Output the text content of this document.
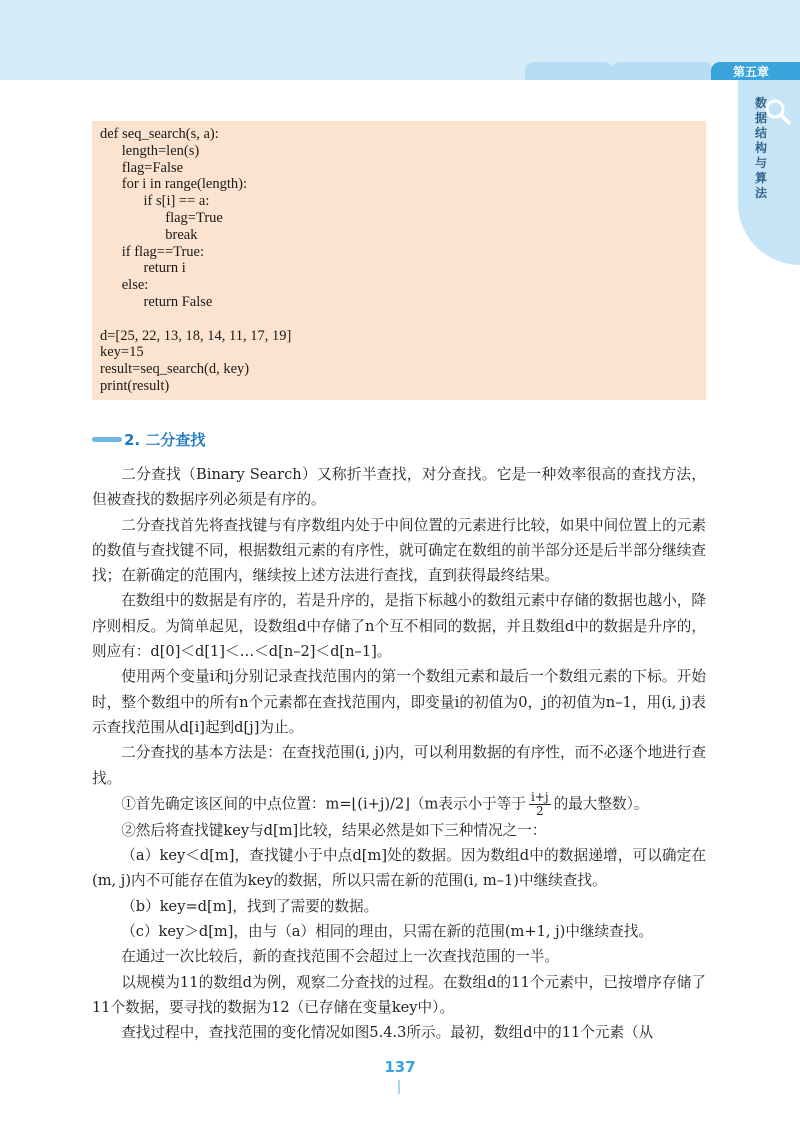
第五章
数
据
结
构
与
算
法
def seq_search(s, a):
length=len(s)
flag=False
for i in range(length):
if s[i] == a:
flag=True
break
if flag==True:
return i
else:
return False
d=[25, 22, 13, 18, 14, 11, 17, 19]
key=15
result=seq_search(d, key)
print(result)
2. 二分查找

二分查找（Binary Search）又称折半查找，对分查找。它是一种效率很高的查找方法，但被查找的数据序列必须是有序的。

二分查找首先将查找键与有序数组内处于中间位置的元素进行比较，如果中间位置上的元素的数值与查找键不同，根据数组元素的有序性，就可确定在数组的前半部分还是后半部分继续查找；在新确定的范围内，继续按上述方法进行查找，直到获得最终结果。

在数组中的数据是有序的，若是升序的，是指下标越小的数组元素中存储的数据也越小，降序则相反。为简单起见，设数组d中存储了n个互不相同的数据，并且数组d中的数据是升序的，则应有：d[0]＜d[1]＜…＜d[n–2]＜d[n–1]。

使用两个变量i和j分别记录查找范围内的第一个数组元素和最后一个数组元素的下标。开始时，整个数组中的所有n个元素都在查找范围内，即变量i的初值为0，j的初值为n–1，用(i, j)表示查找范围从d[i]起到d[j]为止。

二分查找的基本方法是：在查找范围(i, j)内，可以利用数据的有序性，而不必逐个地进行查找。

①首先确定该区间的中点位置：m=⌊(i+j)/2⌋（m表示小于等于 $\frac{i+j}{2}$ 的最大整数）。

②然后将查找键key与d[m]比较，结果必然是如下三种情况之一：

（a）key＜d[m]，查找键小于中点d[m]处的数据。因为数组d中的数据递增，可以确定在(m, j)内不可能存在值为key的数据，所以只需在新的范围(i, m–1)中继续查找。

（b）key=d[m]，找到了需要的数据。

（c）key＞d[m]，由与（a）相同的理由，只需在新的范围(m+1, j)中继续查找。

在通过一次比较后，新的查找范围不会超过上一次查找范围的一半。

以规模为11的数组d为例，观察二分查找的过程。在数组d的11个元素中，已按增序存储了11个数据，要寻找的数据为12（已存储在变量key中）。

查找过程中，查找范围的变化情况如图5.4.3所示。最初，数组d中的11个元素（从

137
